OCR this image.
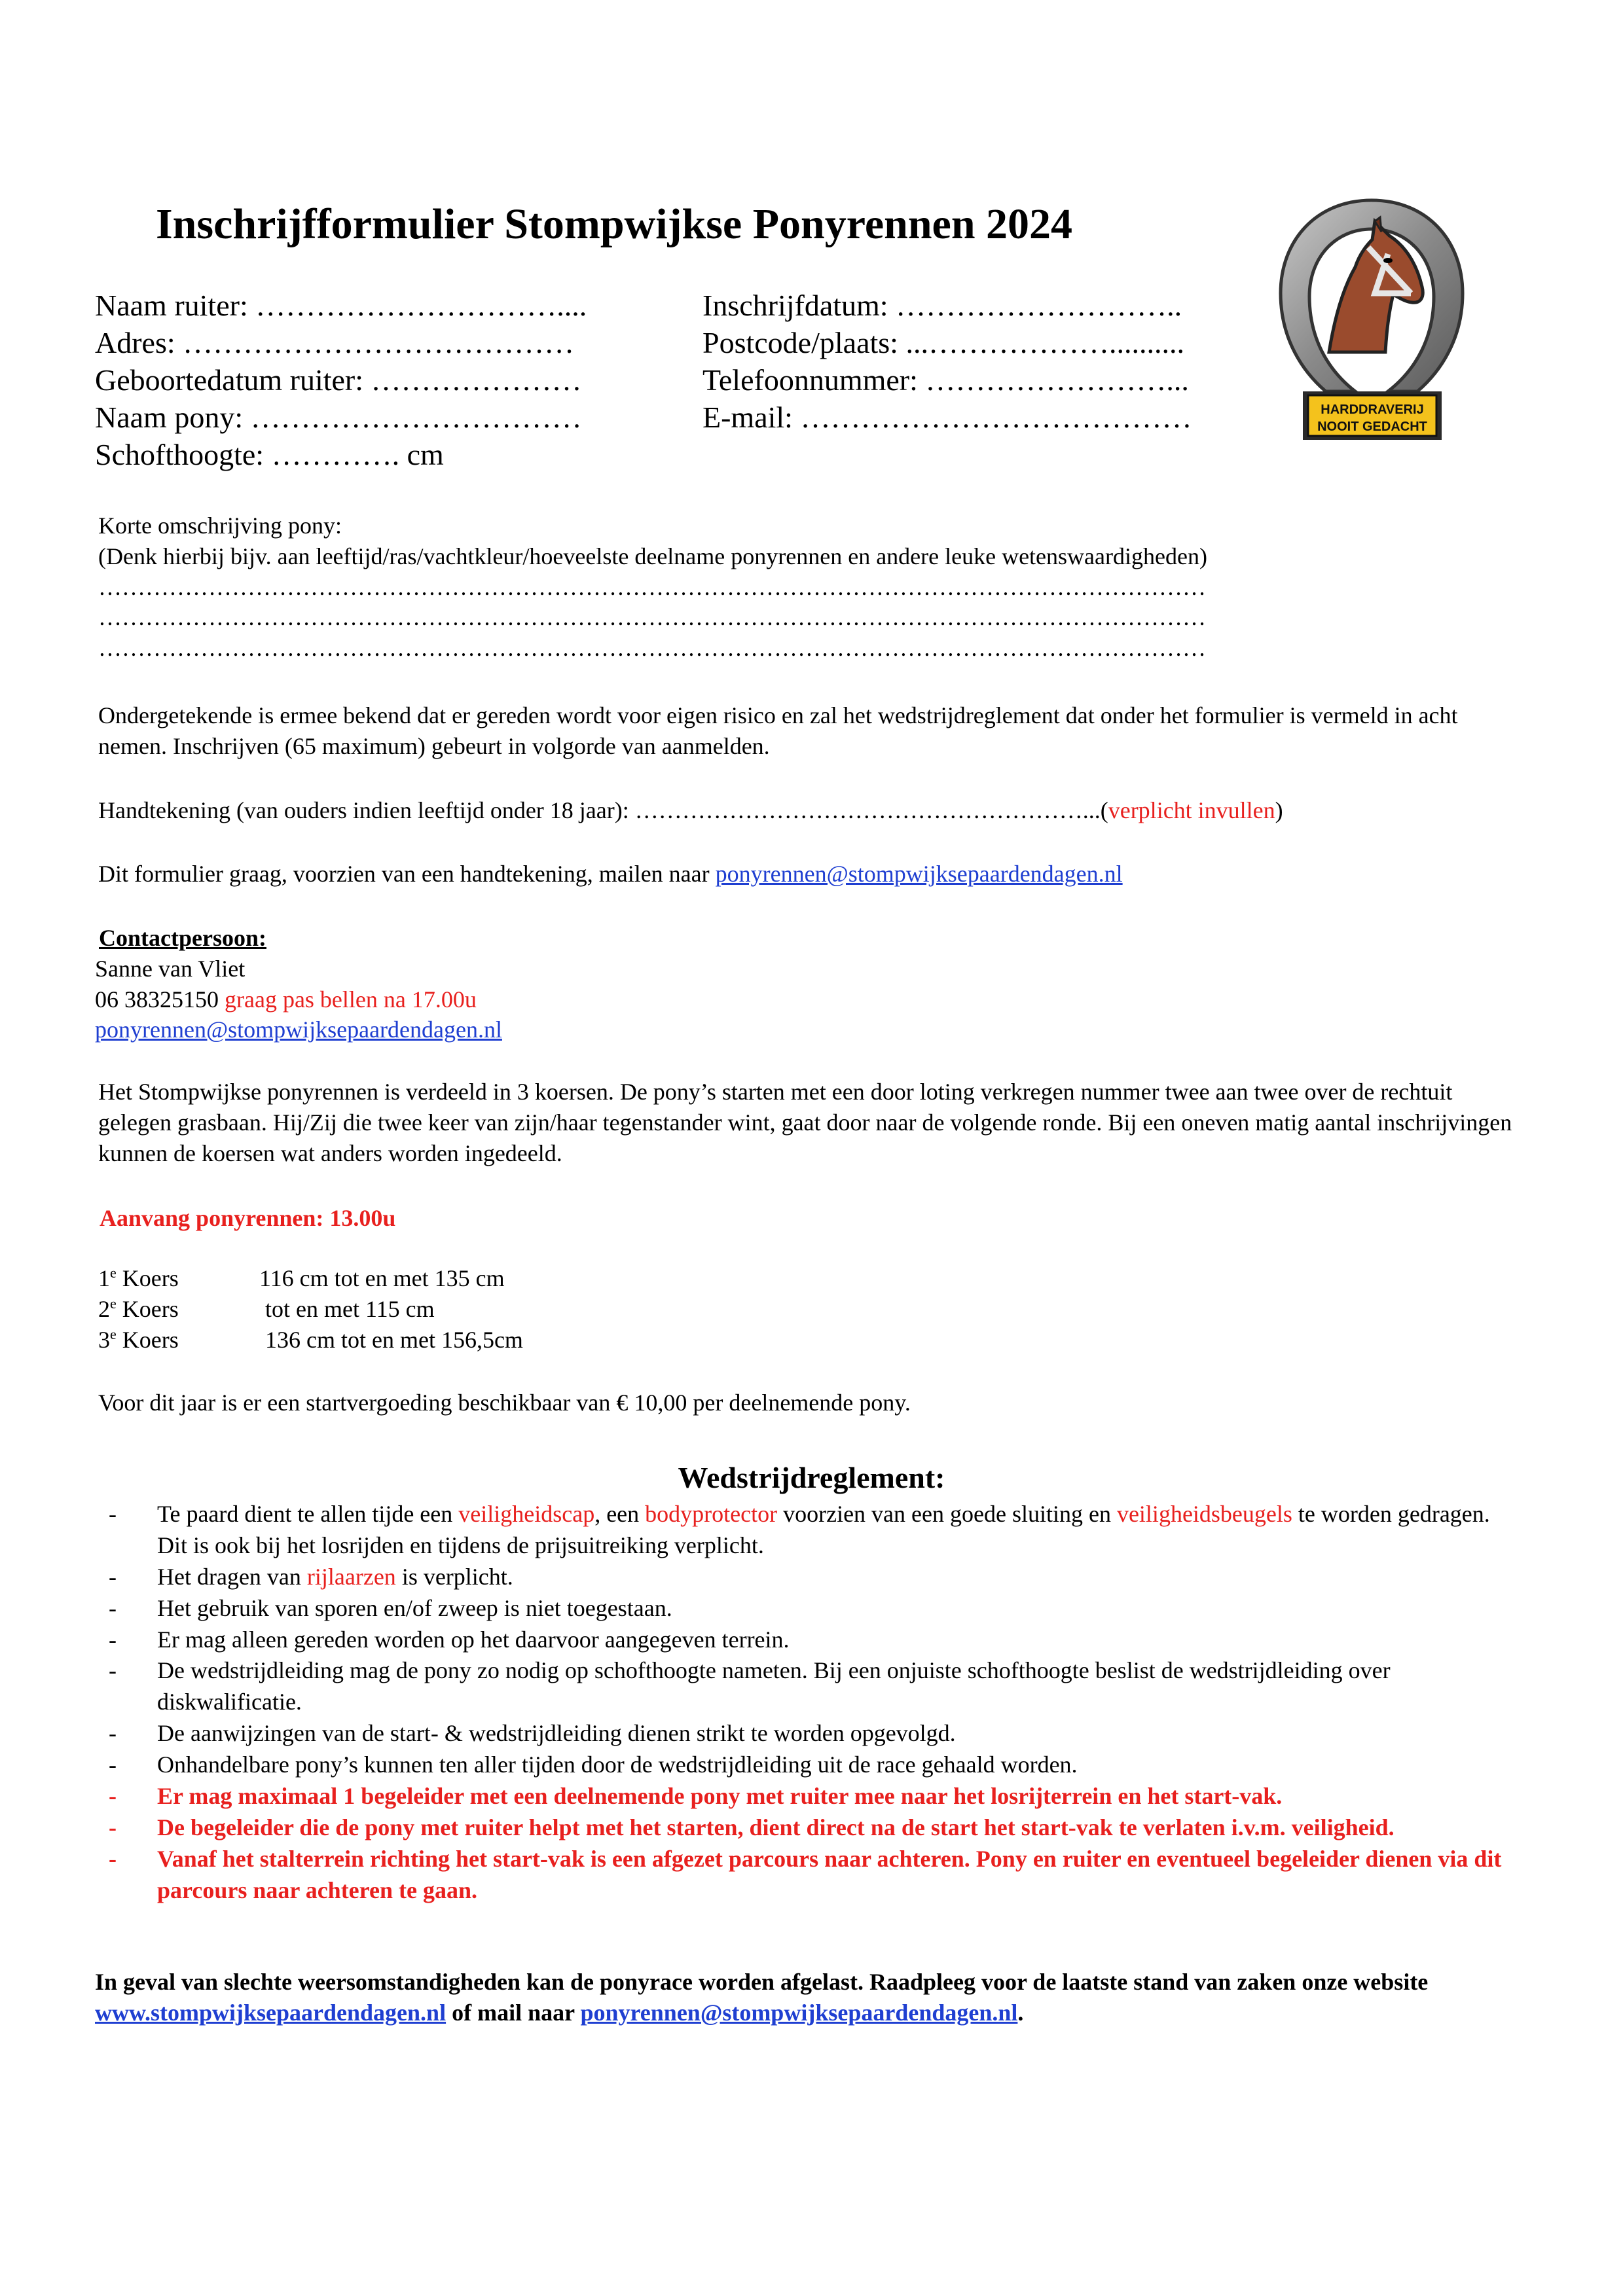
Inschrijfformulier Stompwijkse Ponyrennen 2024
HARDDRAVERIJ
NOOIT GEDACHT
Naam ruiter: …………………………....
Adres: …………………………………
Geboortedatum ruiter: …………………
Naam pony: ……………………………
Schofthoogte: …………. cm
Inschrijfdatum: ………………………..
Postcode/plaats: ...………………..........
Telefoonnummer: ……………………...
E-mail: …………………………………
Korte omschrijving pony:
(Denk hierbij bijv. aan leeftijd/ras/vachtkleur/hoeveelste deelname ponyrennen en andere leuke wetenswaardigheden)
……………………………………………………………………………………………………………………………
……………………………………………………………………………………………………………………………
……………………………………………………………………………………………………………………………
Ondergetekende is ermee bekend dat er gereden wordt voor eigen risico en zal het wedstrijdreglement dat onder het formulier is vermeld in acht nemen. Inschrijven (65 maximum) gebeurt in volgorde van aanmelden.
Handtekening (van ouders indien leeftijd onder 18 jaar): …………………………………………………...(verplicht invullen)
Dit formulier graag, voorzien van een handtekening, mailen naar ponyrennen@stompwijksepaardendagen.nl
Contactpersoon:
Sanne van Vliet
06 38325150 graag pas bellen na 17.00u
ponyrennen@stompwijksepaardendagen.nl
Het Stompwijkse ponyrennen is verdeeld in 3 koersen. De pony’s starten met een door loting verkregen nummer twee aan twee over de rechtuit gelegen grasbaan. Hij/Zij die twee keer van zijn/haar tegenstander wint, gaat door naar de volgende ronde. Bij een oneven matig aantal inschrijvingen kunnen de koersen wat anders worden ingedeeld.
Aanvang ponyrennen: 13.00u
1e Koers	116 cm tot en met 135 cm
2e Koers	tot en met 115 cm
3e Koers	136 cm tot en met 156,5cm
Voor dit jaar is er een startvergoeding beschikbaar van € 10,00 per deelnemende pony.
Wedstrijdreglement:
- Te paard dient te allen tijde een veiligheidscap, een bodyprotector voorzien van een goede sluiting en veiligheidsbeugels te worden gedragen. Dit is ook bij het losrijden en tijdens de prijsuitreiking verplicht.
- Het dragen van rijlaarzen is verplicht.
- Het gebruik van sporen en/of zweep is niet toegestaan.
- Er mag alleen gereden worden op het daarvoor aangegeven terrein.
- De wedstrijdleiding mag de pony zo nodig op schofthoogte nameten. Bij een onjuiste schofthoogte beslist de wedstrijdleiding over diskwalificatie.
- De aanwijzingen van de start- & wedstrijdleiding dienen strikt te worden opgevolgd.
- Onhandelbare pony’s kunnen ten aller tijden door de wedstrijdleiding uit de race gehaald worden.
- Er mag maximaal 1 begeleider met een deelnemende pony met ruiter mee naar het losrijterrein en het start-vak.
- De begeleider die de pony met ruiter helpt met het starten, dient direct na de start het start-vak te verlaten i.v.m. veiligheid.
- Vanaf het stalterrein richting het start-vak is een afgezet parcours naar achteren. Pony en ruiter en eventueel begeleider dienen via dit parcours naar achteren te gaan.
In geval van slechte weersomstandigheden kan de ponyrace worden afgelast. Raadpleeg voor de laatste stand van zaken onze website www.stompwijksepaardendagen.nl of mail naar ponyrennen@stompwijksepaardendagen.nl.
